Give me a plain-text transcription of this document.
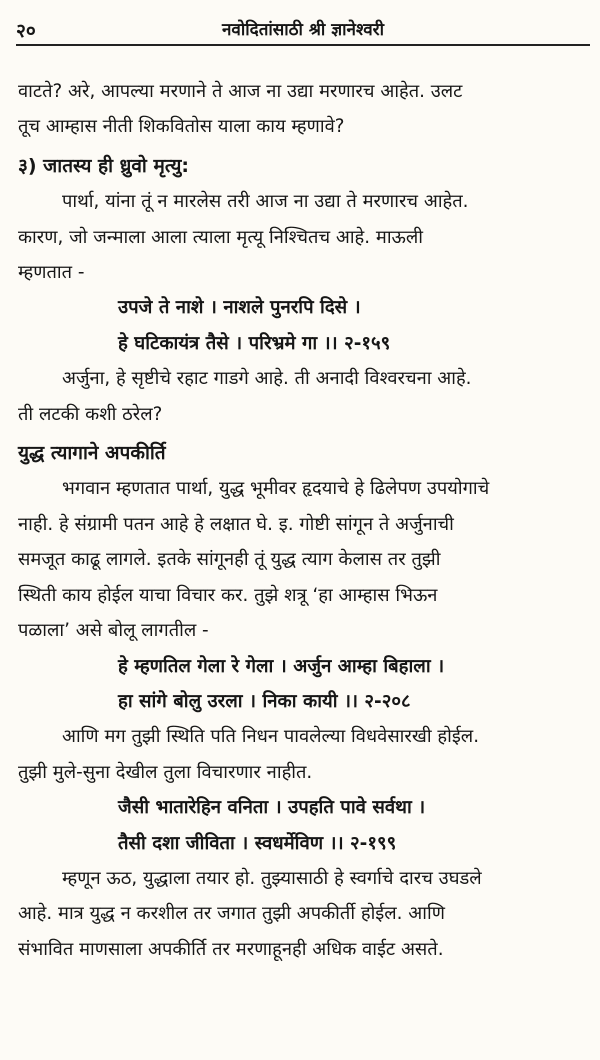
२०	नवोदितांसाठी श्री ज्ञानेश्वरी

वाटते? अरे, आपल्या मरणाने ते आज ना उद्या मरणारच आहेत. उलट

तूच आम्हास नीती शिकवितोस याला काय म्हणावे?

३) जातस्य ही ध्रुवो मृत्यु:

पार्था, यांना तूं न मारलेस तरी आज ना उद्या ते मरणारच आहेत.

कारण, जो जन्माला आला त्याला मृत्यू निश्चितच आहे. माऊली

म्हणतात -

उपजे ते नाशे । नाशले पुनरपि दिसे ।

हे घटिकायंत्र तैसे । परिभ्रमे गा ।। २-१५९

अर्जुना, हे सृष्टीचे रहाट गाडगे आहे. ती अनादी विश्वरचना आहे.

ती लटकी कशी ठरेल?

युद्ध त्यागाने अपकीर्ति

भगवान म्हणतात पार्था, युद्ध भूमीवर हृदयाचे हे ढिलेपण उपयोगाचे

नाही. हे संग्रामी पतन आहे हे लक्षात घे. इ. गोष्टी सांगून ते अर्जुनाची

समजूत काढू लागले. इतके सांगूनही तूं युद्ध त्याग केलास तर तुझी

स्थिती काय होईल याचा विचार कर. तुझे शत्रू ‘हा आम्हास भिऊन

पळाला’ असे बोलू लागतील -

हे म्हणतिल गेला रे गेला । अर्जुन आम्हा बिहाला ।

हा सांगे बोलु उरला । निका कायी ।। २-२०८

आणि मग तुझी स्थिति पति निधन पावलेल्या विधवेसारखी होईल.

तुझी मुले-सुना देखील तुला विचारणार नाहीत.

जैसी भातारेहिन वनिता । उपहति पावे सर्वथा ।

तैसी दशा जीविता । स्वधर्मेविण ।। २-१९९

म्हणून ऊठ, युद्धाला तयार हो. तुझ्यासाठी हे स्वर्गाचे दारच उघडले

आहे. मात्र युद्ध न करशील तर जगात तुझी अपकीर्ती होईल. आणि

संभावित माणसाला अपकीर्ति तर मरणाहूनही अधिक वाईट असते.
